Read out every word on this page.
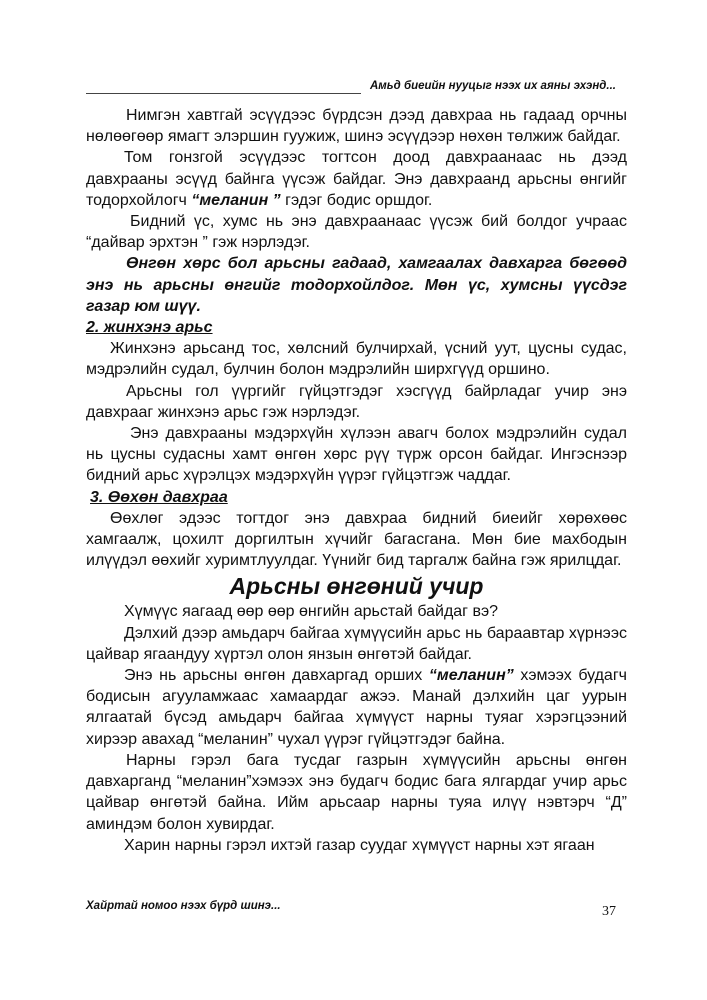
Амьд биеийн нууцыг нээх их аяны эхэнд...

Нимгэн хавтгай эсүүдээс бүрдсэн дээд давхраа нь гадаад орчны нөлөөгөөр ямагт элэршин гуужиж, шинэ эсүүдээр нөхөн төлжиж байдаг.

Том гонзгой эсүүдээс тогтсон доод давхраанаас нь дээд давхрааны эсүүд байнга үүсэж байдаг. Энэ давхраанд арьсны өнгийг тодорхойлогч “меланин ” гэдэг бодис оршдог.

Бидний үс, хумс нь энэ давхраанаас үүсэж бий болдог учраас “дайвар эрхтэн ” гэж нэрлэдэг.

Өнгөн хөрс бол арьсны гадаад, хамгаалах давхарга бөгөөд энэ нь арьсны өнгийг тодорхойлдог. Мөн үс, хумсны үүсдэг газар юм шүү.

2. жинхэнэ арьс

Жинхэнэ арьсанд тос, хөлсний булчирхай, үсний уут, цусны судас, мэдрэлийн судал, булчин болон мэдрэлийн ширхгүүд оршино.

Арьсны гол үүргийг гүйцэтгэдэг хэсгүүд байрладаг учир энэ давхрааг жинхэнэ арьс гэж нэрлэдэг.

Энэ давхрааны мэдэрхүйн хүлээн авагч болох мэдрэлийн судал нь цусны судасны хамт өнгөн хөрс рүү түрж орсон байдаг. Ингэснээр бидний арьс хүрэлцэх мэдэрхүйн үүрэг гүйцэтгэж чаддаг.

3. Өөхөн давхраа

Өөхлөг эдээс тогтдог энэ давхраа бидний биеийг хөрөхөөс хамгаалж, цохилт доргилтын хүчийг багасгана. Мөн бие махбодын илүүдэл өөхийг хуримтлуулдаг. Үүнийг бид таргалж байна гэж ярилцдаг.

Арьсны өнгөний учир

Хүмүүс яагаад өөр өөр өнгийн арьстай байдаг вэ?

Дэлхий дээр амьдарч байгаа хүмүүсийн арьс нь бараавтар хүрнээс цайвар ягаандуу хүртэл олон янзын өнгөтэй байдаг.

Энэ нь арьсны өнгөн давхаргад орших “меланин” хэмээх будагч бодисын агууламжаас хамаардаг ажээ. Манай дэлхийн цаг уурын ялгаатай бүсэд амьдарч байгаа хүмүүст нарны туяаг хэрэгцээний хирээр авахад “меланин” чухал үүрэг гүйцэтгэдэг байна.

Нарны гэрэл бага тусдаг газрын хүмүүсийн арьсны өнгөн давхарганд “меланин”хэмээх энэ будагч бодис бага ялгардаг учир арьс цайвар өнгөтэй байна. Ийм арьсаар нарны туяа илүү нэвтэрч “Д” аминдэм болон хувирдаг.

Харин нарны гэрэл ихтэй газар суудаг хүмүүст нарны хэт ягаан

Хайртай номоо нээх бүрд шинэ...	37
